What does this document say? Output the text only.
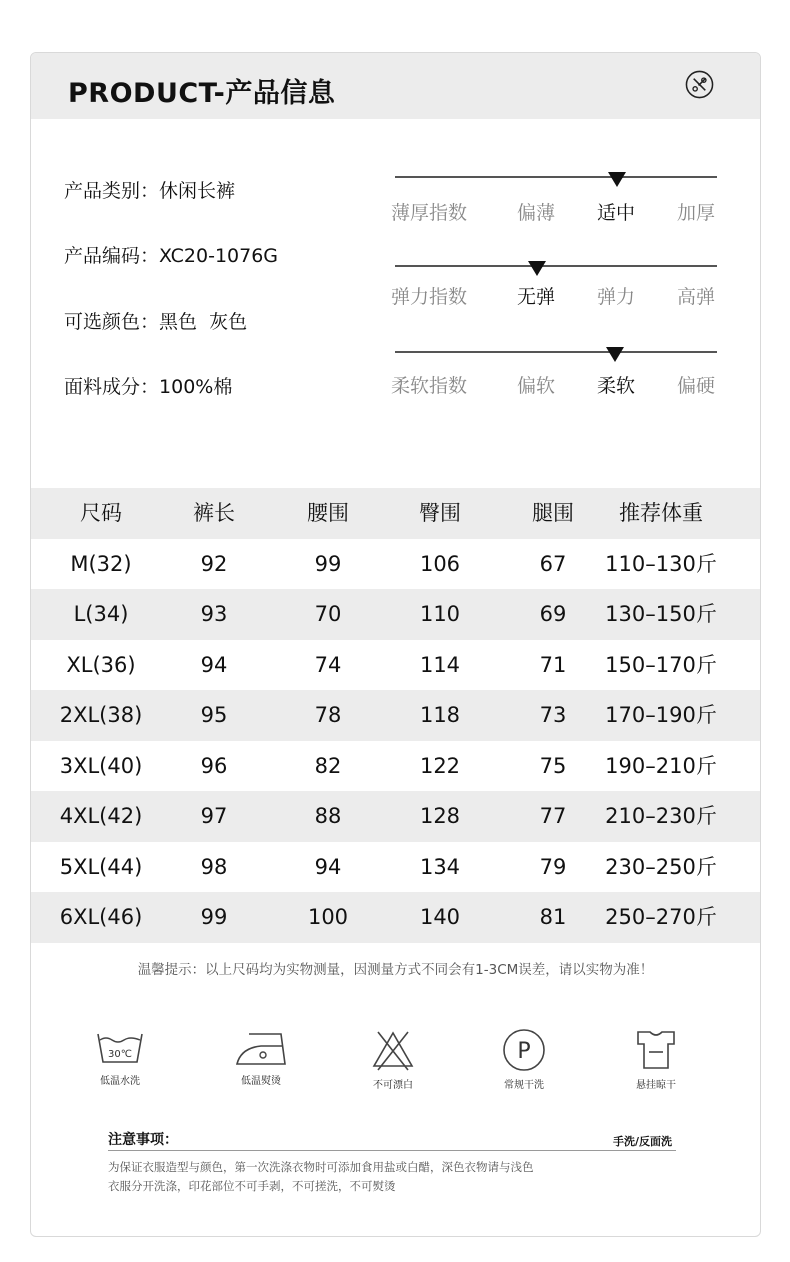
PRODUCT-产品信息
产品类别：休闲长裤
产品编码：XC20-1076G
可选颜色：黑色  灰色
面料成分：100%棉
薄厚指数	偏薄	适中	加厚
弹力指数	无弹	弹力	高弹
柔软指数	偏软	柔软	偏硬
尺码	裤长	腰围	臀围	腿围	推荐体重
M(32)	92	99	106	67	110–130斤
L(34)	93	70	110	69	130–150斤
XL(36)	94	74	114	71	150–170斤
2XL(38)	95	78	118	73	170–190斤
3XL(40)	96	82	122	75	190–210斤
4XL(42)	97	88	128	77	210–230斤
5XL(44)	98	94	134	79	230–250斤
6XL(46)	99	100	140	81	250–270斤
温馨提示：以上尺码均为实物测量，因测量方式不同会有1-3CM误差，请以实物为准！
30℃
低温水洗	低温熨烫	不可漂白
P
常规干洗	悬挂晾干
注意事项：	手洗/反面洗
为保证衣服造型与颜色，第一次洗涤衣物时可添加食用盐或白醋，深色衣物请与浅色
衣服分开洗涤，印花部位不可手剥，不可搓洗，不可熨烫
